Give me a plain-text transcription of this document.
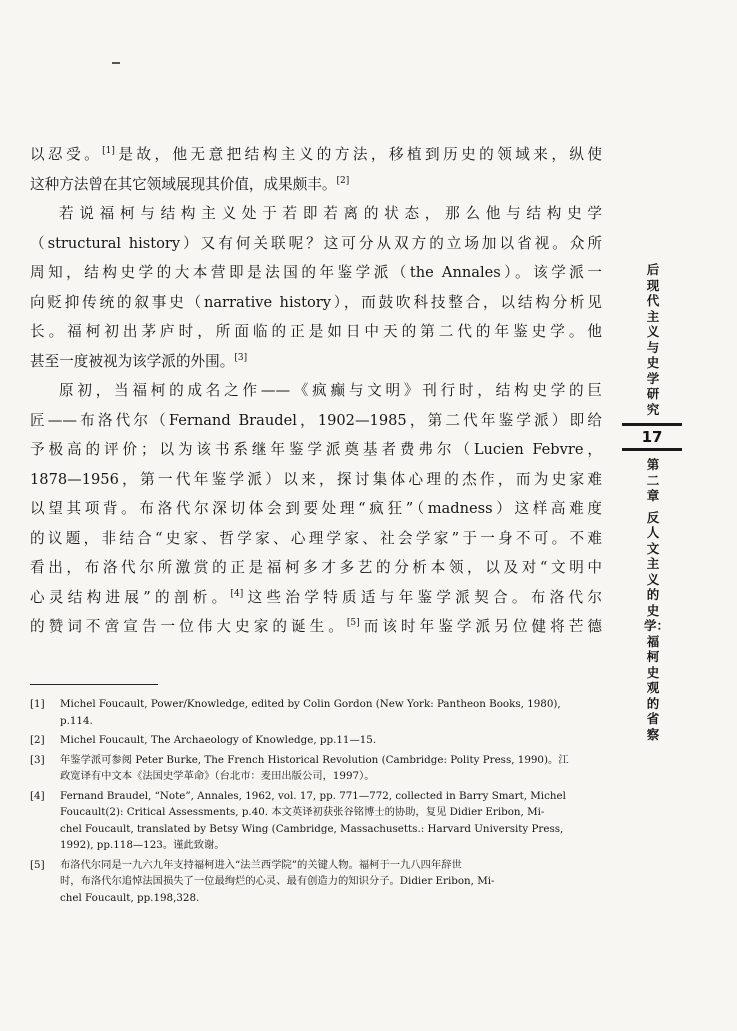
以忍受。[1]是故，他无意把结构主义的方法，移植到历史的领域来，纵使
这种方法曾在其它领域展现其价值，成果颇丰。[2]
若说福柯与结构主义处于若即若离的状态，那么他与结构史学
（structural history）又有何关联呢？这可分从双方的立场加以省视。众所
周知，结构史学的大本营即是法国的年鉴学派（the Annales）。该学派一
向贬抑传统的叙事史（narrative history），而鼓吹科技整合，以结构分析见
长。福柯初出茅庐时，所面临的正是如日中天的第二代的年鉴史学。他
甚至一度被视为该学派的外围。[3]
原初，当福柯的成名之作——《疯癫与文明》刊行时，结构史学的巨
匠——布洛代尔（Fernand Braudel，1902—1985，第二代年鉴学派）即给
予极高的评价；以为该书系继年鉴学派奠基者费弗尔（Lucien Febvre，
1878—1956，第一代年鉴学派）以来，探讨集体心理的杰作，而为史家难
以望其项背。布洛代尔深切体会到要处理“疯狂”（madness）这样高难度
的议题，非结合“史家、哲学家、心理学家、社会学家”于一身不可。不难
看出，布洛代尔所激赏的正是福柯多才多艺的分析本领，以及对“文明中
心灵结构进展”的剖析。[4]这些治学特质适与年鉴学派契合。布洛代尔
的赞词不啻宣告一位伟大史家的诞生。[5]而该时年鉴学派另位健将芒德
[1]	Michel Foucault, Power/Knowledge, edited by Colin Gordon (New York: Pantheon Books, 1980),
p.114.
[2]	Michel Foucault, The Archaeology of Knowledge, pp.11—15.
[3]	年鉴学派可参阅 Peter Burke, The French Historical Revolution (Cambridge: Polity Press, 1990)。江
政宽译有中文本《法国史学革命》（台北市：麦田出版公司，1997）。
[4]	Fernand Braudel, “Note”, Annales, 1962, vol. 17, pp. 771—772, collected in Barry Smart, Michel
Foucault(2): Critical Assessments, p.40. 本文英译初获张谷铭博士的协助，复见 Didier Eribon, Mi-
chel Foucault, translated by Betsy Wing (Cambridge, Massachusetts.: Harvard University Press,
1992), pp.118—123。谨此致谢。
[5]	布洛代尔同是一九六九年支持福柯进入“法兰西学院”的关键人物。福柯于一九八四年辞世
时，布洛代尔追悼法国损失了一位最绚烂的心灵、最有创造力的知识分子。Didier Eribon, Mi-
chel Foucault, pp.198,328.
后现代主义与史学研究
17
第二章
反人文主义的史学：福柯史观的省察
